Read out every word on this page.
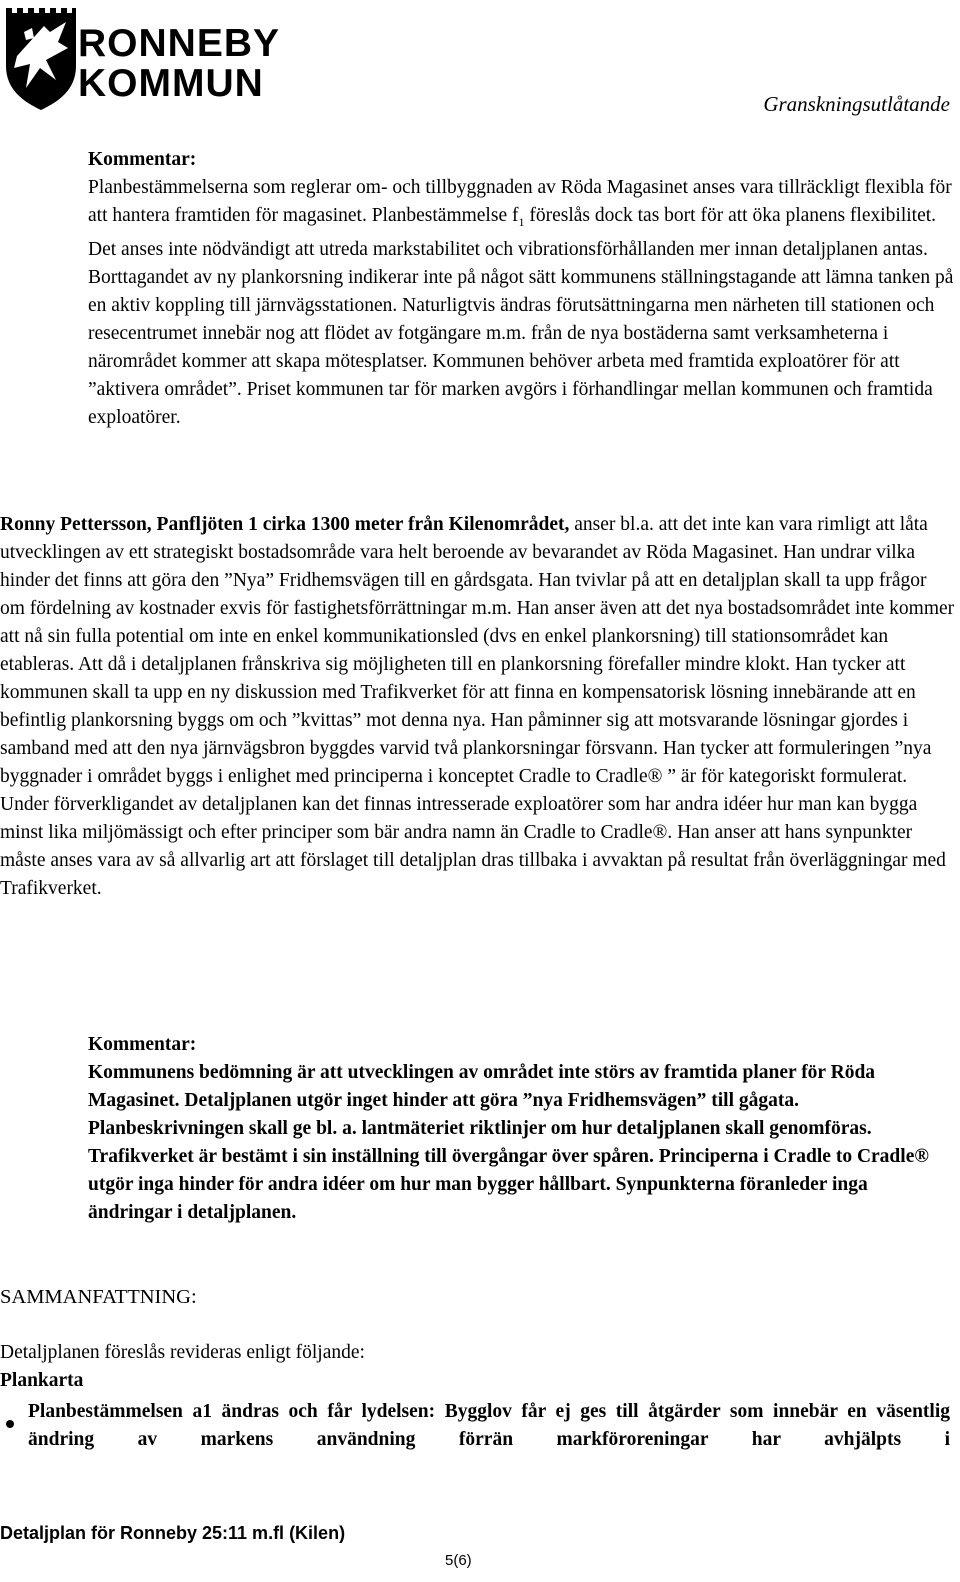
RONNEBY
KOMMUN	Granskningsutlåtande

Kommentar:

Planbestämmelserna som reglerar om- och tillbyggnaden av Röda Magasinet anses vara tillräckligt flexibla för att hantera framtiden för magasinet. Planbestämmelse $f_1$ föreslås dock tas bort för att öka planens flexibilitet. Det anses inte nödvändigt att utreda markstabilitet och vibrationsförhållanden mer innan detaljplanen antas. Borttagandet av ny plankorsning indikerar inte på något sätt kommunens ställningstagande att lämna tanken på en aktiv koppling till järnvägsstationen. Naturligtvis ändras förutsättningarna men närheten till stationen och resecentrumet innebär nog att flödet av fotgängare m.m. från de nya bostäderna samt verksamheterna i närområdet kommer att skapa mötesplatser. Kommunen behöver arbeta med framtida exploatörer för att ”aktivera området”. Priset kommunen tar för marken avgörs i förhandlingar mellan kommunen och framtida exploatörer.

Ronny Pettersson, Panfljöten 1 cirka 1300 meter från Kilenområdet, anser bl.a. att det inte kan vara rimligt att låta utvecklingen av ett strategiskt bostadsområde vara helt beroende av bevarandet av Röda Magasinet. Han undrar vilka hinder det finns att göra den ”Nya” Fridhemsvägen till en gårdsgata. Han tvivlar på att en detaljplan skall ta upp frågor om fördelning av kostnader exvis för fastighetsförrättningar m.m. Han anser även att det nya bostadsområdet inte kommer att nå sin fulla potential om inte en enkel kommunikationsled (dvs en enkel plankorsning) till stationsområdet kan etableras. Att då i detaljplanen frånskriva sig möjligheten till en plankorsning förefaller mindre klokt. Han tycker att kommunen skall ta upp en ny diskussion med Trafikverket för att finna en kompensatorisk lösning innebärande att en befintlig plankorsning byggs om och ”kvittas” mot denna nya. Han påminner sig att motsvarande lösningar gjordes i samband med att den nya järnvägsbron byggdes varvid två plankorsningar försvann. Han tycker att formuleringen ”nya byggnader i området byggs i enlighet med principerna i konceptet Cradle to Cradle® ” är för kategoriskt formulerat. Under förverkligandet av detaljplanen kan det finnas intresserade exploatörer som har andra idéer hur man kan bygga minst lika miljömässigt och efter principer som bär andra namn än Cradle to Cradle®. Han anser att hans synpunkter måste anses vara av så allvarlig art att förslaget till detaljplan dras tillbaka i avvaktan på resultat från överläggningar med Trafikverket.

Kommentar:

Kommunens bedömning är att utvecklingen av området inte störs av framtida planer för Röda Magasinet. Detaljplanen utgör inget hinder att göra ”nya Fridhemsvägen” till gågata. Planbeskrivningen skall ge bl. a. lantmäteriet riktlinjer om hur detaljplanen skall genomföras. Trafikverket är bestämt i sin inställning till övergångar över spåren. Principerna i Cradle to Cradle® utgör inga hinder för andra idéer om hur man bygger hållbart. Synpunkterna föranleder inga ändringar i detaljplanen.

SAMMANFATTNING:

Detaljplanen föreslås revideras enligt följande:

Plankarta

Planbestämmelsen a1 ändras och får lydelsen: Bygglov får ej ges till åtgärder som innebär en väsentlig ändring av markens användning förrän markföroreningar har avhjälpts i

Detaljplan för Ronneby 25:11 m.fl (Kilen)
5(6)
